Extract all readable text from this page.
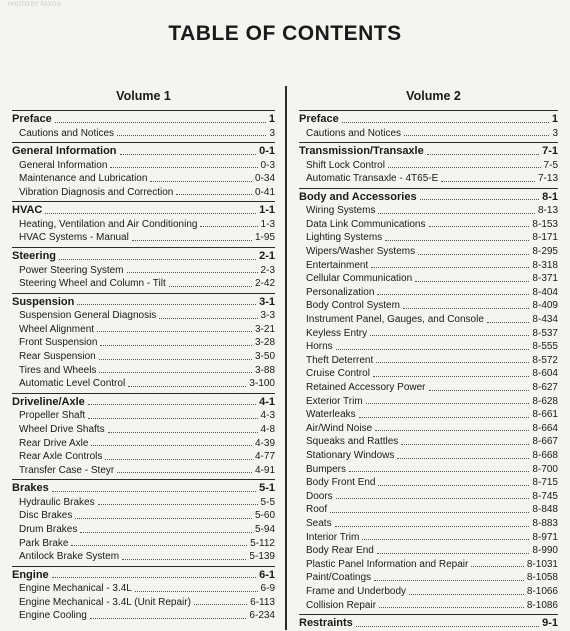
PHOTO BY FAXON
TABLE OF CONTENTS
Volume 1
Preface	1
Cautions and Notices	3
General Information	0-1
General Information	0-3
Maintenance and Lubrication	0-34
Vibration Diagnosis and Correction	0-41
HVAC	1-1
Heating, Ventilation and Air Conditioning	1-3
HVAC Systems - Manual	1-95
Steering	2-1
Power Steering System	2-3
Steering Wheel and Column - Tilt	2-42
Suspension	3-1
Suspension General Diagnosis	3-3
Wheel Alignment	3-21
Front Suspension	3-28
Rear Suspension	3-50
Tires and Wheels	3-88
Automatic Level Control	3-100
Driveline/Axle	4-1
Propeller Shaft	4-3
Wheel Drive Shafts	4-8
Rear Drive Axle	4-39
Rear Axle Controls	4-77
Transfer Case - Steyr	4-91
Brakes	5-1
Hydraulic Brakes	5-5
Disc Brakes	5-60
Drum Brakes	5-94
Park Brake	5-112
Antilock Brake System	5-139
Engine	6-1
Engine Mechanical - 3.4L	6-9
Engine Mechanical - 3.4L (Unit Repair)	6-113
Engine Cooling	6-234
Volume 2
Preface	1
Cautions and Notices	3
Transmission/Transaxle	7-1
Shift Lock Control	7-5
Automatic Transaxle - 4T65-E	7-13
Body and Accessories	8-1
Wiring Systems	8-13
Data Link Communications	8-153
Lighting Systems	8-171
Wipers/Washer Systems	8-295
Entertainment	8-318
Cellular Communication	8-371
Personalization	8-404
Body Control System	8-409
Instrument Panel, Gauges, and Console	8-434
Keyless Entry	8-537
Horns	8-555
Theft Deterrent	8-572
Cruise Control	8-604
Retained Accessory Power	8-627
Exterior Trim	8-628
Waterleaks	8-661
Air/Wind Noise	8-664
Squeaks and Rattles	8-667
Stationary Windows	8-668
Bumpers	8-700
Body Front End	8-715
Doors	8-745
Roof	8-848
Seats	8-883
Interior Trim	8-971
Body Rear End	8-990
Plastic Panel Information and Repair	8-1031
Paint/Coatings	8-1058
Frame and Underbody	8-1066
Collision Repair	8-1086
Restraints	9-1
